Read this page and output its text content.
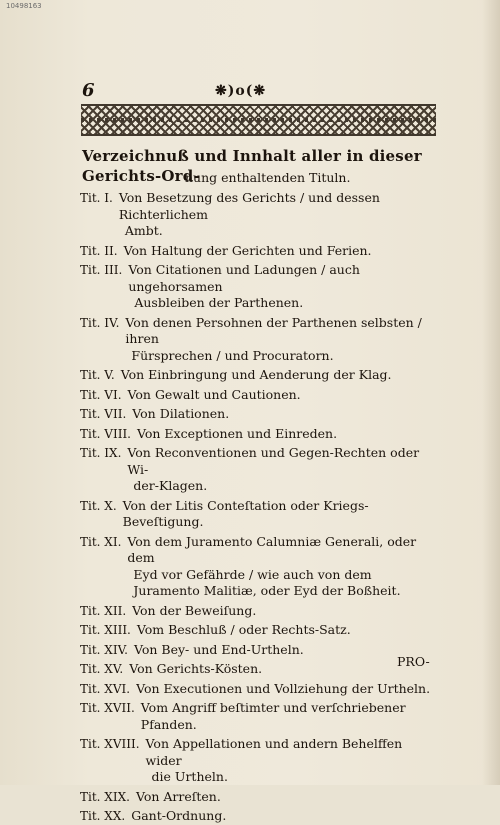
10498163
6	❋)o(❋
Verzeichnuß und Innhalt aller in dieser Gerichts-Ord-
nung enthaltenden Tituln.
Tit. I. Von Besetzung des Gerichts / und dessen Richterlichem
Ambt.
Tit. II. Von Haltung der Gerichten und Ferien.
Tit. III. Von Citationen und Ladungen / auch ungehorsamen
Ausbleiben der Parthenen.
Tit. IV. Von denen Persohnen der Parthenen selbsten / ihren
Fürsprechen / und Procuratorn.
Tit. V. Von Einbringung und Aenderung der Klag.
Tit. VI. Von Gewalt und Cautionen.
Tit. VII. Von Dilationen.
Tit. VIII. Von Exceptionen und Einreden.
Tit. IX. Von Reconventionen und Gegen-Rechten oder Wi-
der-Klagen.
Tit. X. Von der Litis Conteſtation oder Kriegs-Beveſtigung.
Tit. XI. Von dem Juramento Calumniæ Generali, oder dem
Eyd vor Gefährde / wie auch von dem Juramento Malitiæ, oder Eyd der Boßheit.
Tit. XII. Von der Beweiſung.
Tit. XIII. Vom Beschluß / oder Rechts-Satz.
Tit. XIV. Von Bey- und End-Urtheln.
Tit. XV. Von Gerichts-Kösten.
Tit. XVI. Von Executionen und Vollziehung der Urtheln.
Tit. XVII. Vom Angriff beſtimter und verſchriebener Pfanden.
Tit. XVIII. Von Appellationen und andern Behelffen wider
die Urtheln.
Tit. XIX. Von Arreſten.
Tit. XX. Gant-Ordnung.
PRO-
